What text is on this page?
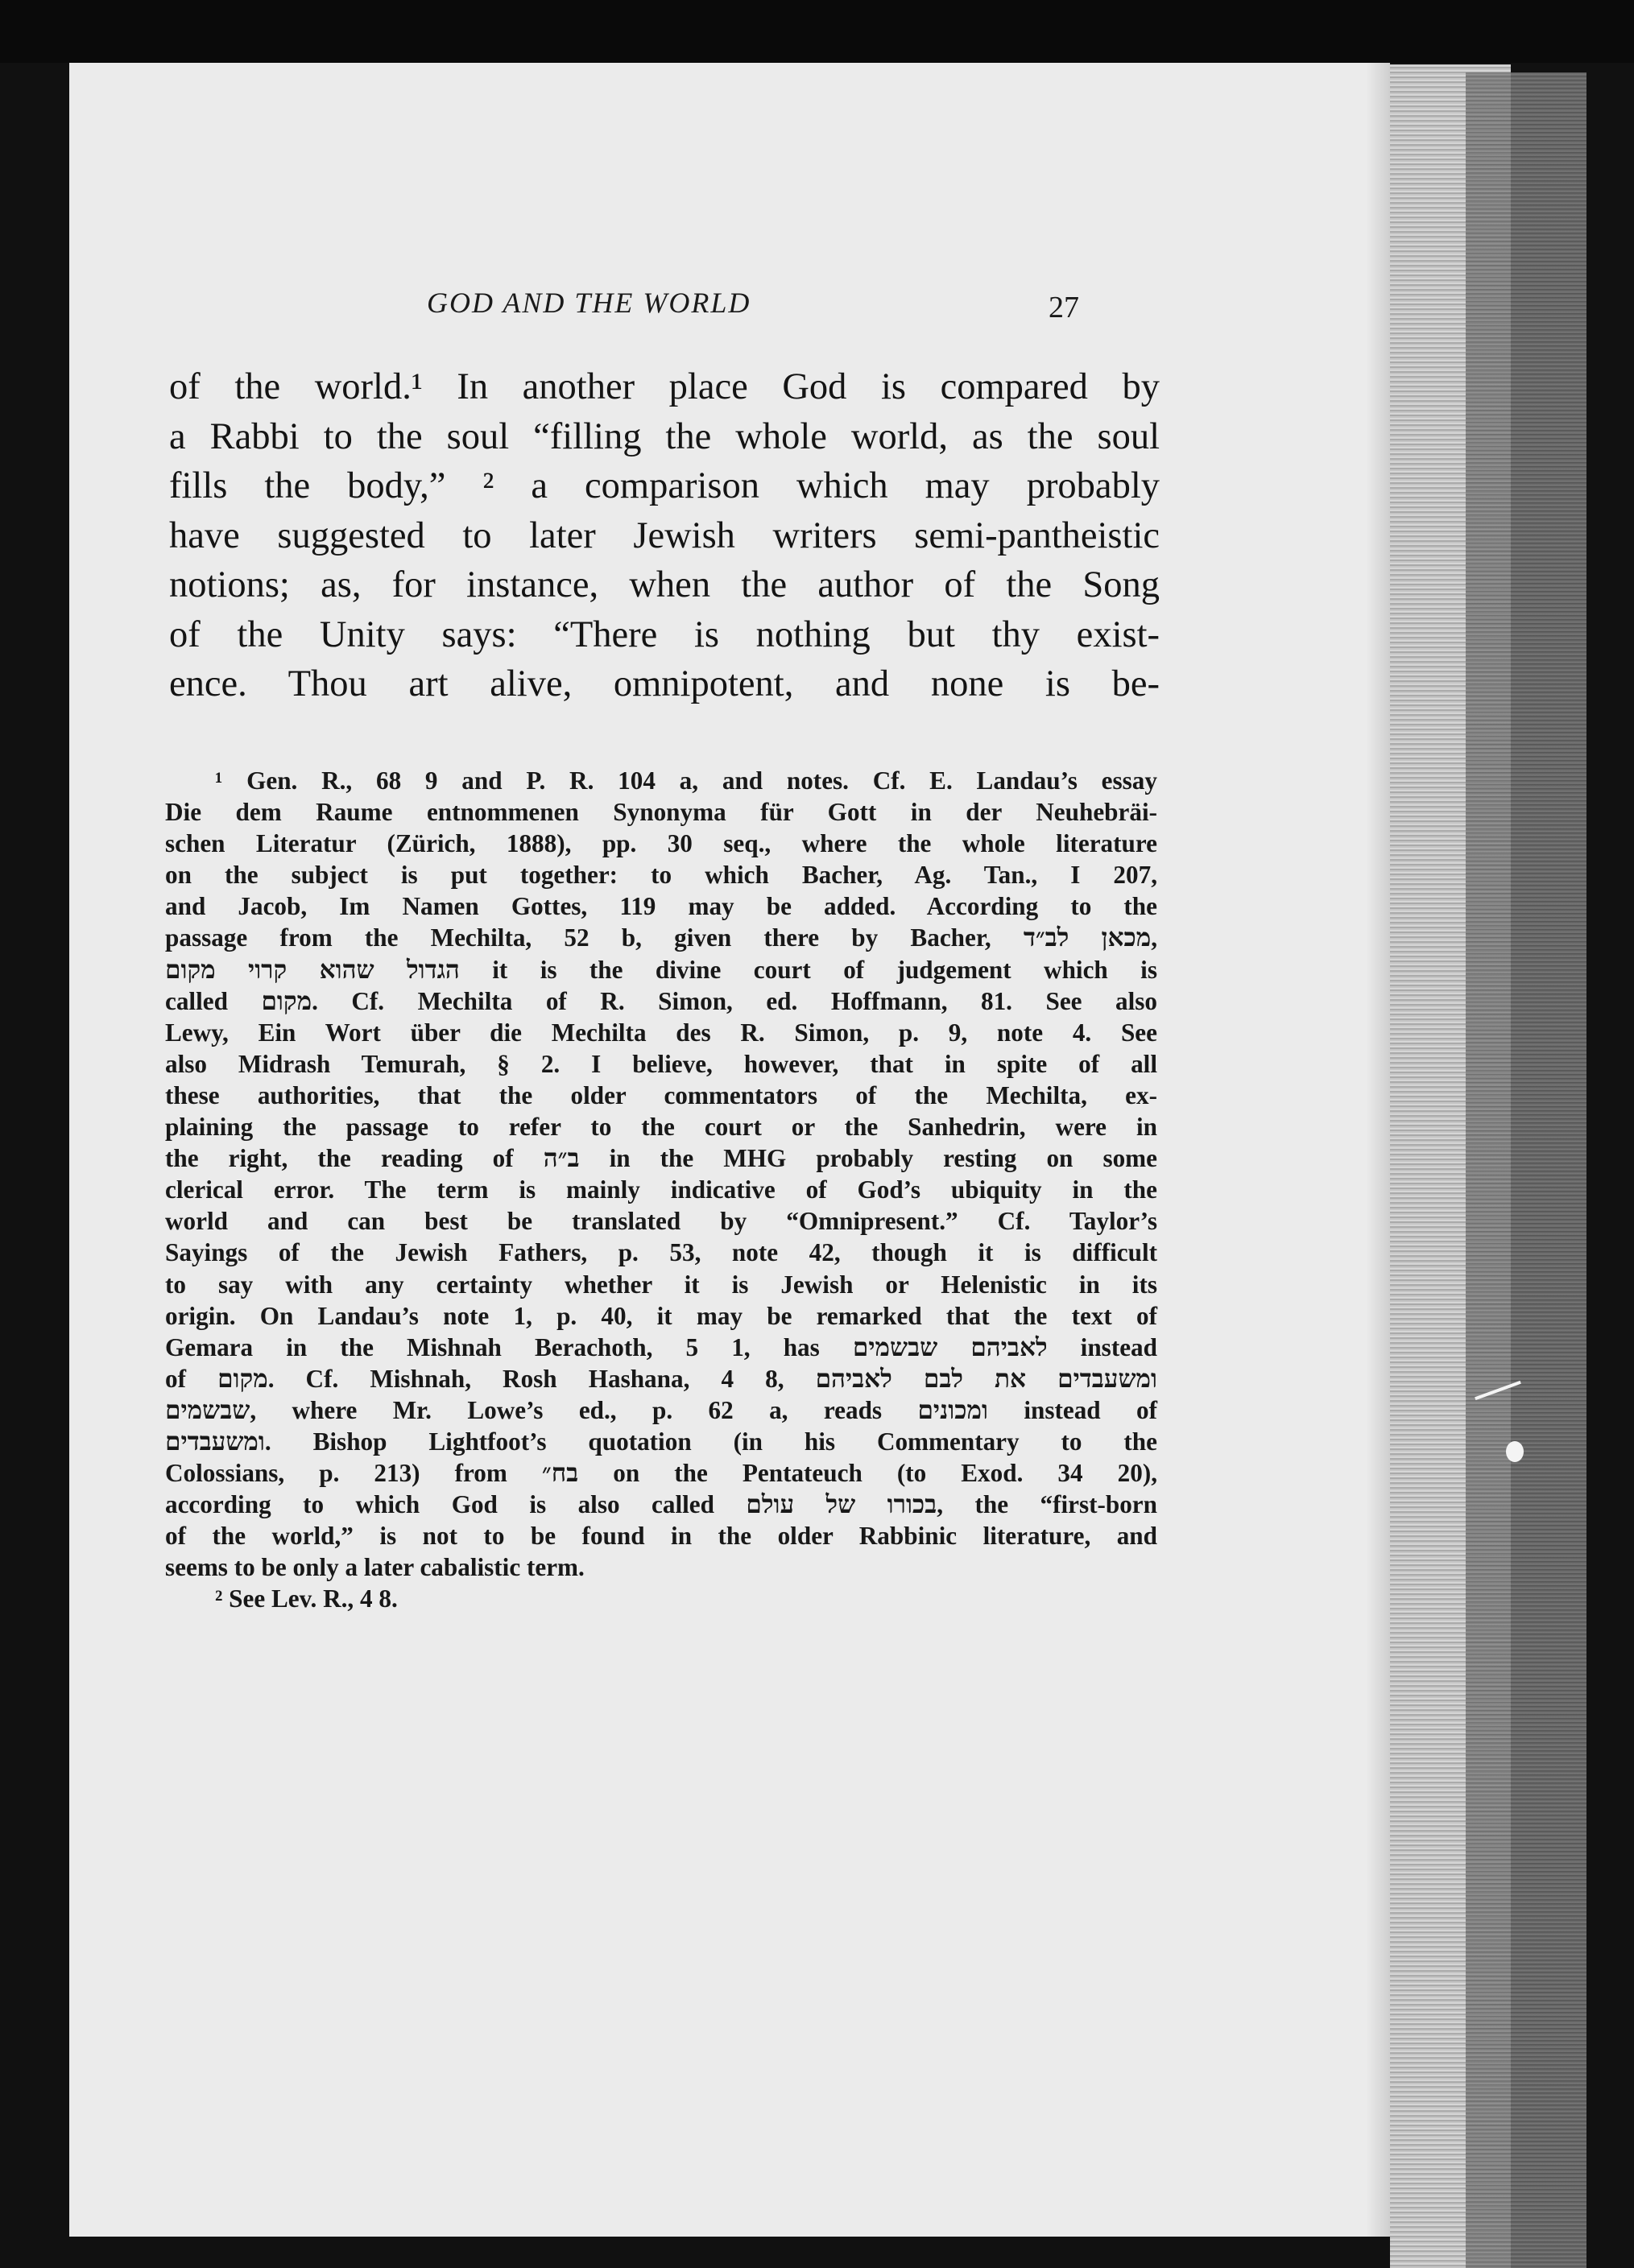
GOD AND THE WORLD	27
of the world.¹ In another place God is compared by
a Rabbi to the soul “filling the whole world, as the soul
fills the body,” ² a comparison which may probably
have suggested to later Jewish writers semi-pantheistic
notions; as, for instance, when the author of the Song
of the Unity says: “There is nothing but thy exist-
ence. Thou art alive, omnipotent, and none is be-
¹ Gen. R., 68 9 and P. R. 104 a, and notes. Cf. E. Landau’s essay
Die dem Raume entnommenen Synonyma für Gott in der Neuhebräi-
schen Literatur (Zürich, 1888), pp. 30 seq., where the whole literature
on the subject is put together: to which Bacher, Ag. Tan., I 207,
and Jacob, Im Namen Gottes, 119 may be added. According to the
passage from the Mechilta, 52 b, given there by Bacher, מכאן לב״ד,
הגדול שהוא קרוי מקום it is the divine court of judgement which is
called מקום. Cf. Mechilta of R. Simon, ed. Hoffmann, 81. See also
Lewy, Ein Wort über die Mechilta des R. Simon, p. 9, note 4. See
also Midrash Temurah, § 2. I believe, however, that in spite of all
these authorities, that the older commentators of the Mechilta, ex-
plaining the passage to refer to the court or the Sanhedrin, were in
the right, the reading of ב״ה in the MHG probably resting on some
clerical error. The term is mainly indicative of God’s ubiquity in the
world and can best be translated by “Omnipresent.” Cf. Taylor’s
Sayings of the Jewish Fathers, p. 53, note 42, though it is difficult
to say with any certainty whether it is Jewish or Helenistic in its
origin. On Landau’s note 1, p. 40, it may be remarked that the text of
Gemara in the Mishnah Berachoth, 5 1, has לאביהם שבשמים instead
of מקום. Cf. Mishnah, Rosh Hashana, 4 8, ומשעבדים את לבם לאביהם
שבשמים, where Mr. Lowe’s ed., p. 62 a, reads ומכונים instead of
ומשעבדים. Bishop Lightfoot’s quotation (in his Commentary to the
Colossians, p. 213) from בח״ on the Pentateuch (to Exod. 34 20),
according to which God is also called בכורו של עולם, the “first-born
of the world,” is not to be found in the older Rabbinic literature, and
seems to be only a later cabalistic term.
² See Lev. R., 4 8.
